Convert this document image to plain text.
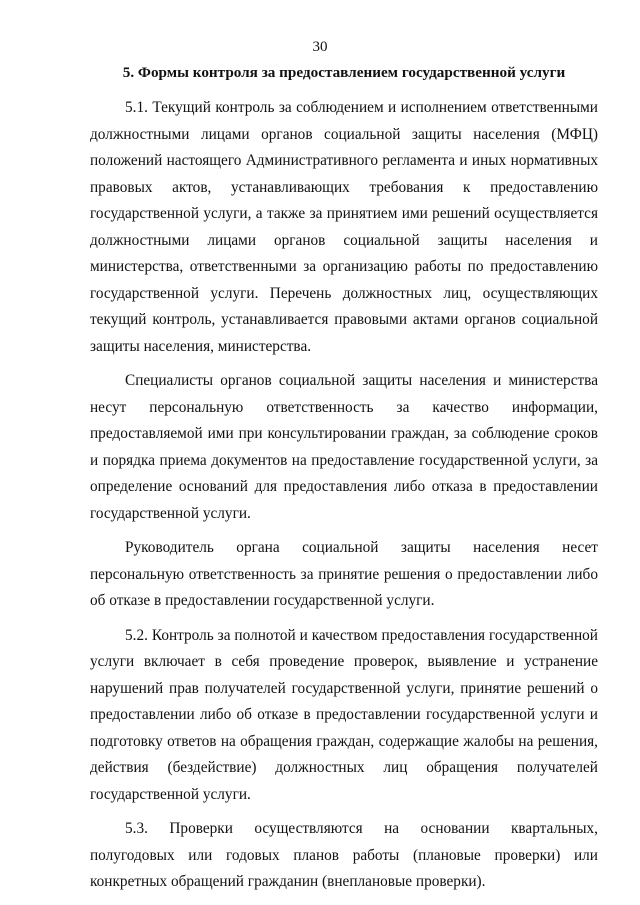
30
5. Формы контроля за предоставлением государственной услуги

5.1. Текущий контроль за соблюдением и исполнением ответственными должностными лицами органов социальной защиты населения (МФЦ) положений настоящего Административного регламента и иных нормативных правовых актов, устанавливающих требования к предоставлению государственной услуги, а также за принятием ими решений осуществляется должностными лицами органов социальной защиты населения и министерства, ответственными за организацию работы по предоставлению государственной услуги. Перечень должностных лиц, осуществляющих текущий контроль, устанавливается правовыми актами органов социальной защиты населения, министерства.

Специалисты органов социальной защиты населения и министерства несут персональную ответственность за качество информации, предоставляемой ими при консультировании граждан, за соблюдение сроков и порядка приема документов на предоставление государственной услуги, за определение оснований для предоставления либо отказа в предоставлении государственной услуги.

Руководитель органа социальной защиты населения несет персональную ответственность за принятие решения о предоставлении либо об отказе в предоставлении государственной услуги.

5.2. Контроль за полнотой и качеством предоставления государственной услуги включает в себя проведение проверок, выявление и устранение нарушений прав получателей государственной услуги, принятие решений о предоставлении либо об отказе в предоставлении государственной услуги и подготовку ответов на обращения граждан, содержащие жалобы на решения, действия (бездействие) должностных лиц обращения получателей государственной услуги.

5.3. Проверки осуществляются на основании квартальных, полугодовых или годовых планов работы (плановые проверки) или конкретных обращений гражданин (внеплановые проверки).
